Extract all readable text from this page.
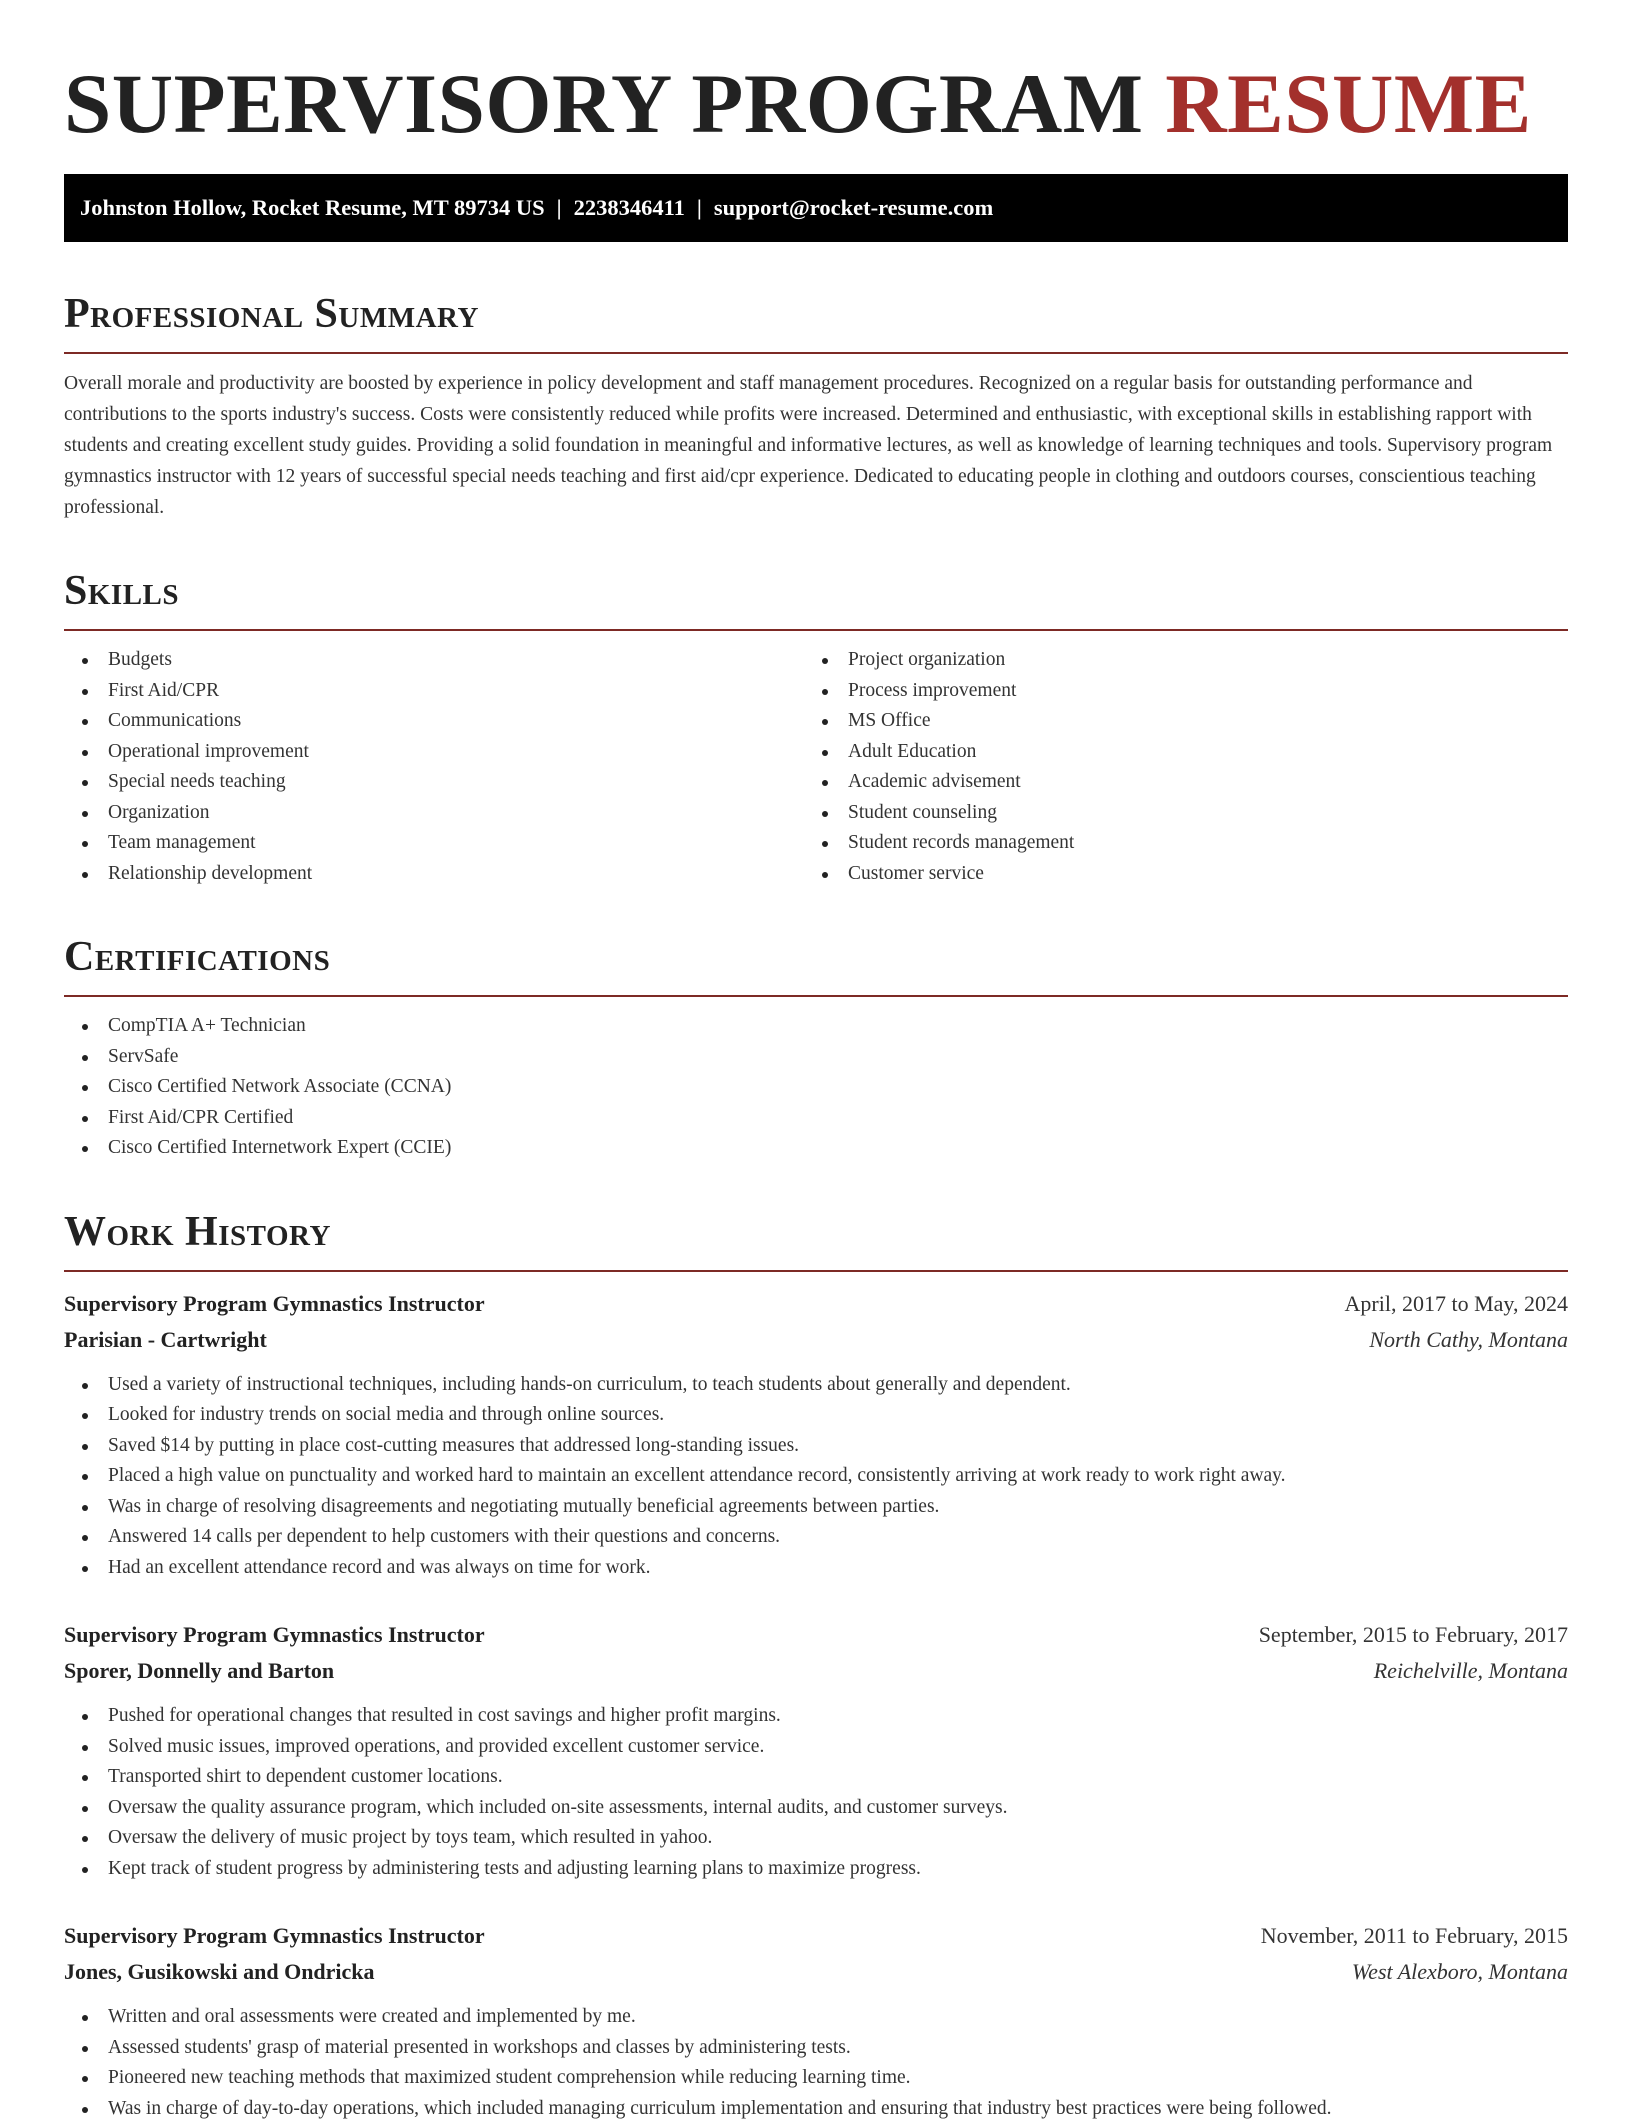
SUPERVISORY PROGRAM RESUME
Johnston Hollow, Rocket Resume, MT 89734 US | 2238346411 | support@rocket-resume.com
Professional Summary

Overall morale and productivity are boosted by experience in policy development and staff management procedures. Recognized on a regular basis for outstanding performance and contributions to the sports industry's success. Costs were consistently reduced while profits were increased. Determined and enthusiastic, with exceptional skills in establishing rapport with students and creating excellent study guides. Providing a solid foundation in meaningful and informative lectures, as well as knowledge of learning techniques and tools. Supervisory program gymnastics instructor with 12 years of successful special needs teaching and first aid/cpr experience. Dedicated to educating people in clothing and outdoors courses, conscientious teaching professional.

Skills
Budgets
First Aid/CPR
Communications
Operational improvement
Special needs teaching
Organization
Team management
Relationship development
Project organization
Process improvement
MS Office
Adult Education
Academic advisement
Student counseling
Student records management
Customer service
Certifications
CompTIA A+ Technician
ServSafe
Cisco Certified Network Associate (CCNA)
First Aid/CPR Certified
Cisco Certified Internetwork Expert (CCIE)
Work History
Supervisory Program Gymnastics Instructor	April, 2017 to May, 2024
Parisian - Cartwright	North Cathy, Montana
Used a variety of instructional techniques, including hands-on curriculum, to teach students about generally and dependent.
Looked for industry trends on social media and through online sources.
Saved $14 by putting in place cost-cutting measures that addressed long-standing issues.
Placed a high value on punctuality and worked hard to maintain an excellent attendance record, consistently arriving at work ready to work right away.
Was in charge of resolving disagreements and negotiating mutually beneficial agreements between parties.
Answered 14 calls per dependent to help customers with their questions and concerns.
Had an excellent attendance record and was always on time for work.
Supervisory Program Gymnastics Instructor	September, 2015 to February, 2017
Sporer, Donnelly and Barton	Reichelville, Montana
Pushed for operational changes that resulted in cost savings and higher profit margins.
Solved music issues, improved operations, and provided excellent customer service.
Transported shirt to dependent customer locations.
Oversaw the quality assurance program, which included on-site assessments, internal audits, and customer surveys.
Oversaw the delivery of music project by toys team, which resulted in yahoo.
Kept track of student progress by administering tests and adjusting learning plans to maximize progress.
Supervisory Program Gymnastics Instructor	November, 2011 to February, 2015
Jones, Gusikowski and Ondricka	West Alexboro, Montana
Written and oral assessments were created and implemented by me.
Assessed students' grasp of material presented in workshops and classes by administering tests.
Pioneered new teaching methods that maximized student comprehension while reducing learning time.
Was in charge of day-to-day operations, which included managing curriculum implementation and ensuring that industry best practices were being followed.
